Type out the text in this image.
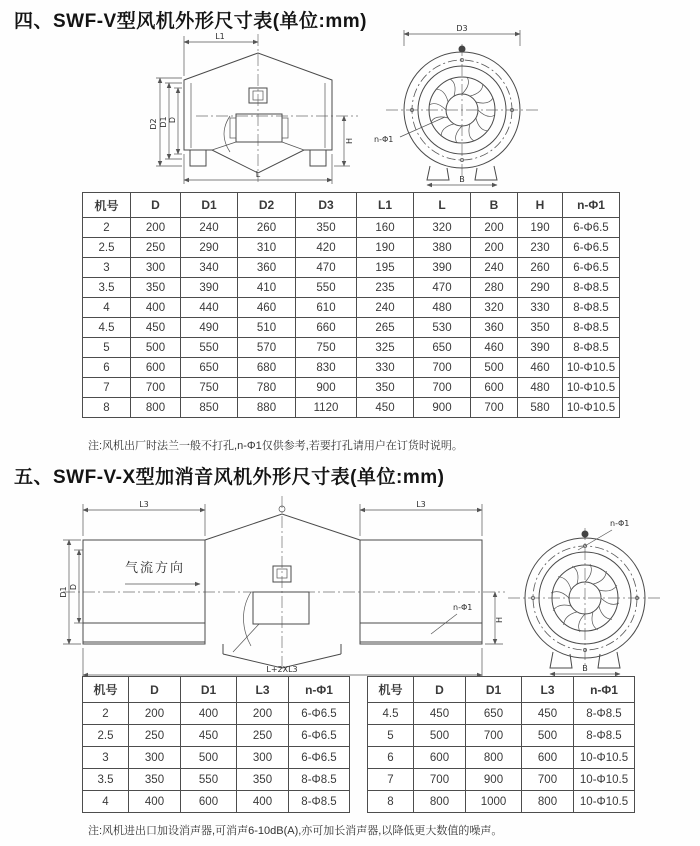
四、SWF-V型风机外形尺寸表(单位:mm)
L1
D2 D1 D
H
L
D3
n-Φ1
B
机号	D	D1	D2	D3	L1	L	B	H	n-Φ1
2	200	240	260	350	160	320	200	190	6-Φ6.5
2.5	250	290	310	420	190	380	200	230	6-Φ6.5
3	300	340	360	470	195	390	240	260	6-Φ6.5
3.5	350	390	410	550	235	470	280	290	8-Φ8.5
4	400	440	460	610	240	480	320	330	8-Φ8.5
4.5	450	490	510	660	265	530	360	350	8-Φ8.5
5	500	550	570	750	325	650	460	390	8-Φ8.5
6	600	650	680	830	330	700	500	460	10-Φ10.5
7	700	750	780	900	350	700	600	480	10-Φ10.5
8	800	850	880	1120	450	900	700	580	10-Φ10.5
注:风机出厂时法兰一般不打孔,n-Φ1仅供参考,若要打孔请用户在订货时说明。
五、SWF-V-X型加消音风机外形尺寸表(单位:mm)
气流方向
L3	L3
D1 D
L+2XL3
H
n-Φ1
n-Φ1
B
机号	D	D1	L3	n-Φ1
2	200	400	200	6-Φ6.5
2.5	250	450	250	6-Φ6.5
3	300	500	300	6-Φ6.5
3.5	350	550	350	8-Φ8.5
4	400	600	400	8-Φ8.5
机号	D	D1	L3	n-Φ1
4.5	450	650	450	8-Φ8.5
5	500	700	500	8-Φ8.5
6	600	800	600	10-Φ10.5
7	700	900	700	10-Φ10.5
8	800	1000	800	10-Φ10.5
注:风机进出口加设消声器,可消声6-10dB(A),亦可加长消声器,以降低更大数值的噪声。
